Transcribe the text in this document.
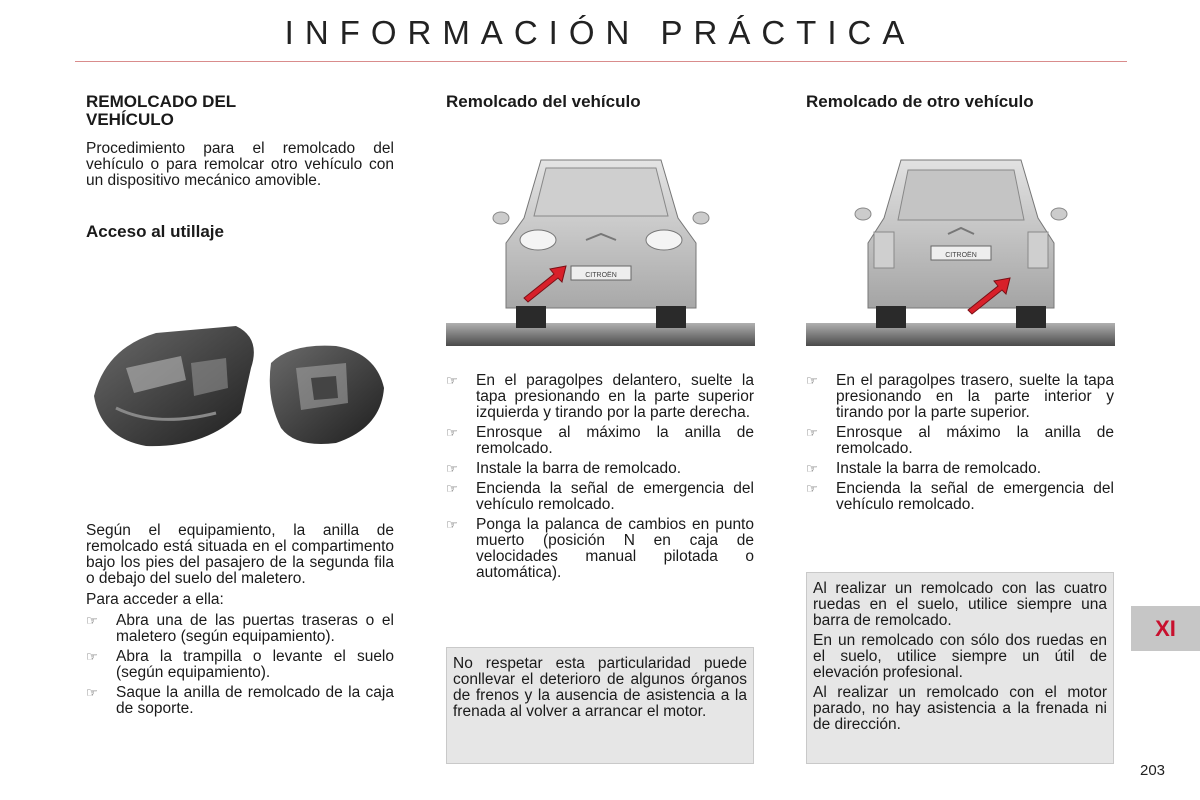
INFORMACIÓN PRÁCTICA
REMOLCADO DEL VEHÍCULO

Procedimiento para el remolcado del vehículo o para remolcar otro vehículo con un dispositivo mecánico amovible.

Acceso al utillaje

Según el equipamiento, la anilla de remolcado está situada en el compartimento bajo los pies del pasajero de la segunda fila o debajo del suelo del maletero.

Para acceder a ella:

☞ Abra una de las puertas traseras o el maletero (según equipamiento).
☞ Abra la trampilla o levante el suelo (según equipamiento).
☞ Saque la anilla de remolcado de la caja de soporte.
Remolcado del vehículo
CITROËN
☞ En el paragolpes delantero, suelte la tapa presionando en la parte superior izquierda y tirando por la parte derecha.
☞ Enrosque al máximo la anilla de remolcado.
☞ Instale la barra de remolcado.
☞ Encienda la señal de emergencia del vehículo remolcado.
☞ Ponga la palanca de cambios en punto muerto (posición N en caja de velocidades manual pilotada o automática).

No respetar esta particularidad puede conllevar el deterioro de algunos órganos de frenos y la ausencia de asistencia a la frenada al volver a arrancar el motor.

Remolcado de otro vehículo
CITROËN
☞ En el paragolpes trasero, suelte la tapa presionando en la parte interior y tirando por la parte superior.
☞ Enrosque al máximo la anilla de remolcado.
☞ Instale la barra de remolcado.
☞ Encienda la señal de emergencia del vehículo remolcado.

Al realizar un remolcado con las cuatro ruedas en el suelo, utilice siempre una barra de remolcado.

En un remolcado con sólo dos ruedas en el suelo, utilice siempre un útil de elevación profesional.

Al realizar un remolcado con el motor parado, no hay asistencia a la frenada ni de dirección.

XI
203
